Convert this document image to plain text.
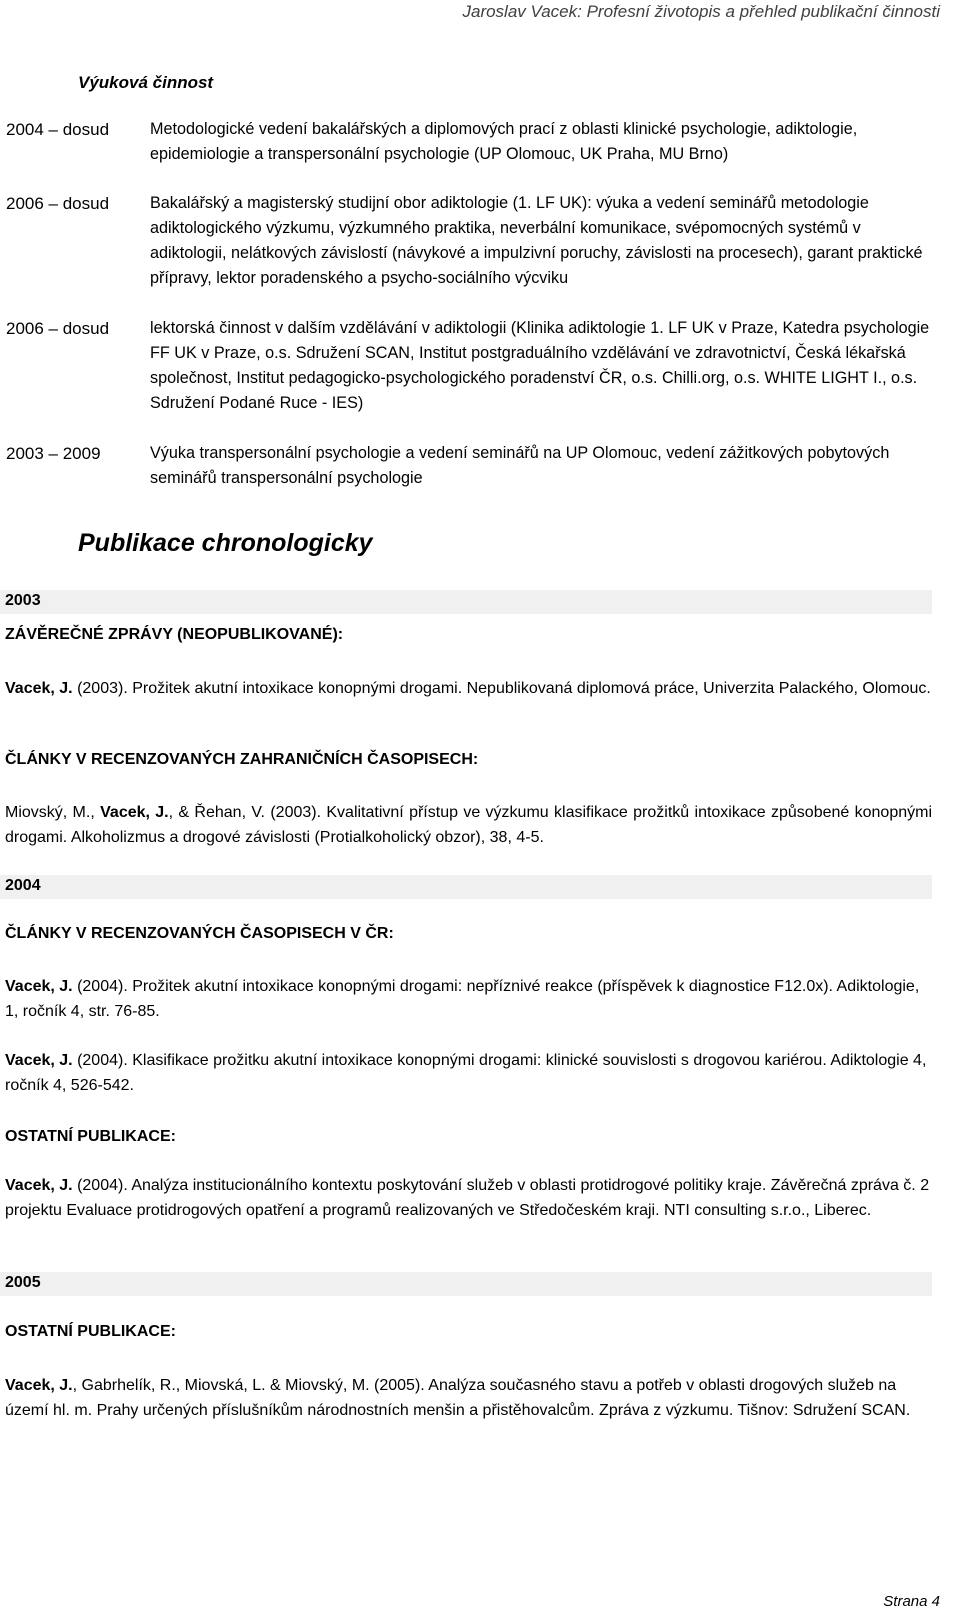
Jaroslav Vacek: Profesní životopis a přehled publikační činnosti
Výuková činnost
2004 – dosud	Metodologické vedení bakalářských a diplomových prací z oblasti klinické psychologie, adiktologie, epidemiologie a transpersonální psychologie (UP Olomouc, UK Praha, MU Brno)
2006 – dosud	Bakalářský a magisterský studijní obor adiktologie (1. LF UK): výuka a vedení seminářů metodologie adiktologického výzkumu, výzkumného praktika, neverbální komunikace, svépomocných systémů v adiktologii, nelátkových závislostí (návykové a impulzivní poruchy, závislosti na procesech), garant praktické přípravy, lektor poradenského a psycho-sociálního výcviku
2006 – dosud	lektorská činnost v dalším vzdělávání v adiktologii (Klinika adiktologie 1. LF UK v Praze, Katedra psychologie FF UK v Praze, o.s. Sdružení SCAN, Institut postgraduálního vzdělávání ve zdravotnictví, Česká lékařská společnost, Institut pedagogicko-psychologického poradenství ČR, o.s. Chilli.org, o.s. WHITE LIGHT I., o.s. Sdružení Podané Ruce - IES)
2003 – 2009	Výuka transpersonální psychologie a vedení seminářů na UP Olomouc, vedení zážitkových pobytových seminářů transpersonální psychologie
Publikace chronologicky
2003
ZÁVĚREČNÉ ZPRÁVY (NEOPUBLIKOVANÉ):
Vacek, J. (2003). Prožitek akutní intoxikace konopnými drogami. Nepublikovaná diplomová práce, Univerzita Palackého, Olomouc.
ČLÁNKY V RECENZOVANÝCH ZAHRANIČNÍCH ČASOPISECH:
Miovský, M., Vacek, J., & Řehan, V. (2003). Kvalitativní přístup ve výzkumu klasifikace prožitků intoxikace způsobené konopnými drogami. Alkoholizmus a drogové závislosti (Protialkoholický obzor), 38, 4-5.
2004
ČLÁNKY V RECENZOVANÝCH ČASOPISECH V ČR:
Vacek, J. (2004). Prožitek akutní intoxikace konopnými drogami: nepříznivé reakce (příspěvek k diagnostice F12.0x). Adiktologie, 1, ročník 4, str. 76-85.
Vacek, J. (2004). Klasifikace prožitku akutní intoxikace konopnými drogami: klinické souvislosti s drogovou kariérou. Adiktologie 4, ročník 4, 526-542.
OSTATNÍ PUBLIKACE:
Vacek, J. (2004). Analýza institucionálního kontextu poskytování služeb v oblasti protidrogové politiky kraje. Závěrečná zpráva č. 2 projektu Evaluace protidrogových opatření a programů realizovaných ve Středočeském kraji. NTI consulting s.r.o., Liberec.
2005
OSTATNÍ PUBLIKACE:
Vacek, J., Gabrhelík, R., Miovská, L. & Miovský, M. (2005). Analýza současného stavu a potřeb v oblasti drogových služeb na území hl. m. Prahy určených příslušníkům národnostních menšin a přistěhovalcům. Zpráva z výzkumu. Tišnov: Sdružení SCAN.
Strana 4
